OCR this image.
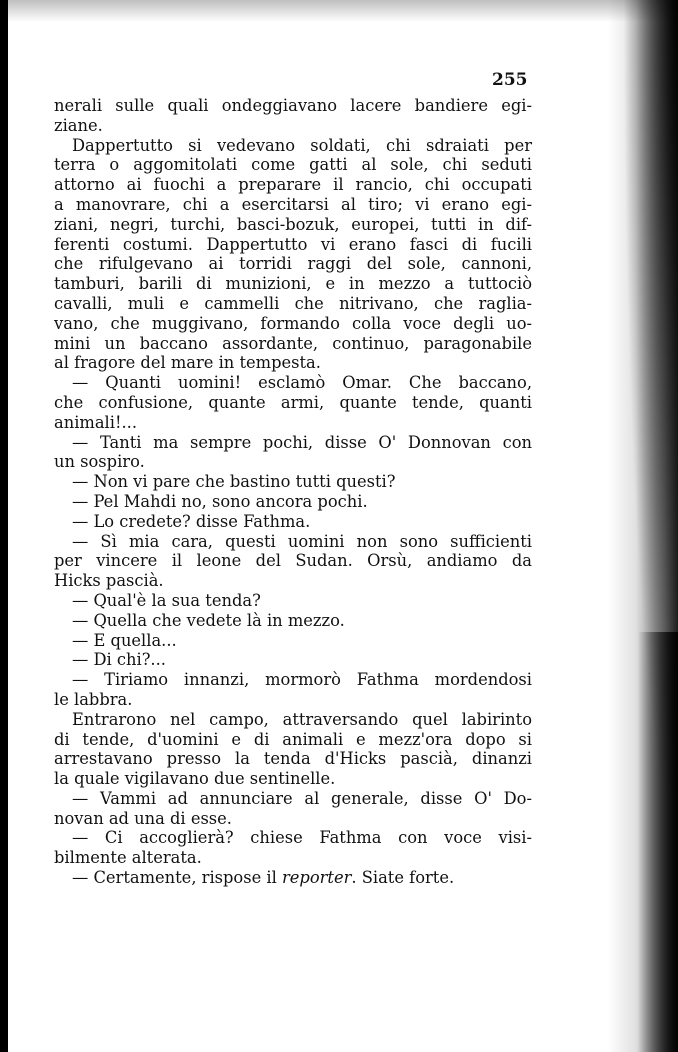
255
nerali sulle quali ondeggiavano lacere bandiere egi-
ziane.
Dappertutto si vedevano soldati, chi sdraiati per
terra o aggomitolati come gatti al sole, chi seduti
attorno ai fuochi a preparare il rancio, chi occupati
a manovrare, chi a esercitarsi al tiro; vi erano egi-
ziani, negri, turchi, basci-bozuk, europei, tutti in dif-
ferenti costumi. Dappertutto vi erano fasci di fucili
che rifulgevano ai torridi raggi del sole, cannoni,
tamburi, barili di munizioni, e in mezzo a tuttociò
cavalli, muli e cammelli che nitrivano, che raglia-
vano, che muggivano, formando colla voce degli uo-
mini un baccano assordante, continuo, paragonabile
al fragore del mare in tempesta.
— Quanti uomini! esclamò Omar. Che baccano,
che confusione, quante armi, quante tende, quanti
animali!...
— Tanti ma sempre pochi, disse O' Donnovan con
un sospiro.
— Non vi pare che bastino tutti questi?
— Pel Mahdi no, sono ancora pochi.
— Lo credete? disse Fathma.
— Sì mia cara, questi uomini non sono sufficienti
per vincere il leone del Sudan. Orsù, andiamo da
Hicks pascià.
— Qual'è la sua tenda?
— Quella che vedete là in mezzo.
— E quella...
— Di chi?...
— Tiriamo innanzi, mormorò Fathma mordendosi
le labbra.
Entrarono nel campo, attraversando quel labirinto
di tende, d'uomini e di animali e mezz'ora dopo si
arrestavano presso la tenda d'Hicks pascià, dinanzi
la quale vigilavano due sentinelle.
— Vammi ad annunciare al generale, disse O' Do-
novan ad una di esse.
— Ci accoglierà? chiese Fathma con voce visi-
bilmente alterata.
— Certamente, rispose il reporter. Siate forte.
